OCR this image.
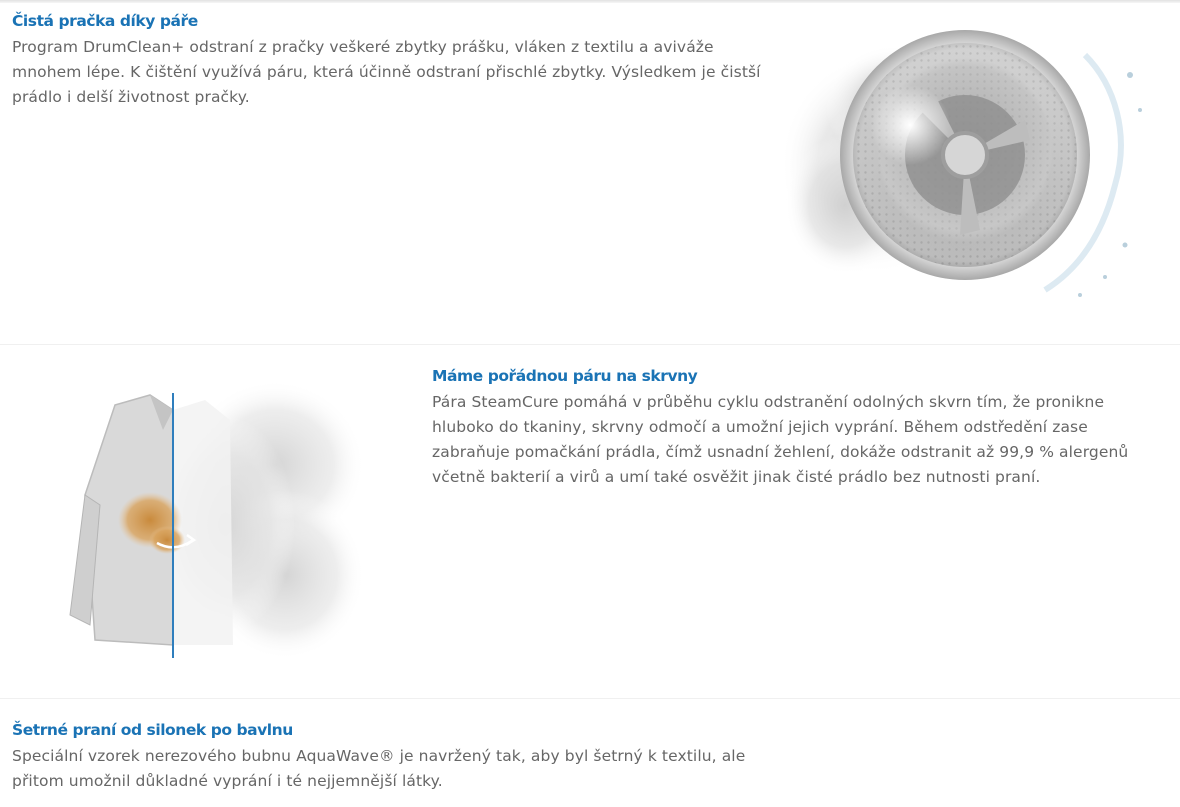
Čistá pračka díky páře

Program DrumClean+ odstraní z pračky veškeré zbytky prášku, vláken z textilu a aviváže mnohem lépe. K čištění využívá páru, která účinně odstraní přischlé zbytky. Výsledkem je čistší prádlo i delší životnost pračky.

Máme pořádnou páru na skrvny

Pára SteamCure pomáhá v průběhu cyklu odstranění odolných skvrn tím, že pronikne hluboko do tkaniny, skrvny odmočí a umožní jejich vyprání. Během odstředění zase zabraňuje pomačkání prádla, čímž usnadní žehlení, dokáže odstranit až 99,9 % alergenů včetně bakterií a virů a umí také osvěžit jinak čisté prádlo bez nutnosti praní.

Šetrné praní od silonek po bavlnu

Speciální vzorek nerezového bubnu AquaWave® je navržený tak, aby byl šetrný k textilu, ale přitom umožnil důkladné vyprání i té nejjemnější látky.
